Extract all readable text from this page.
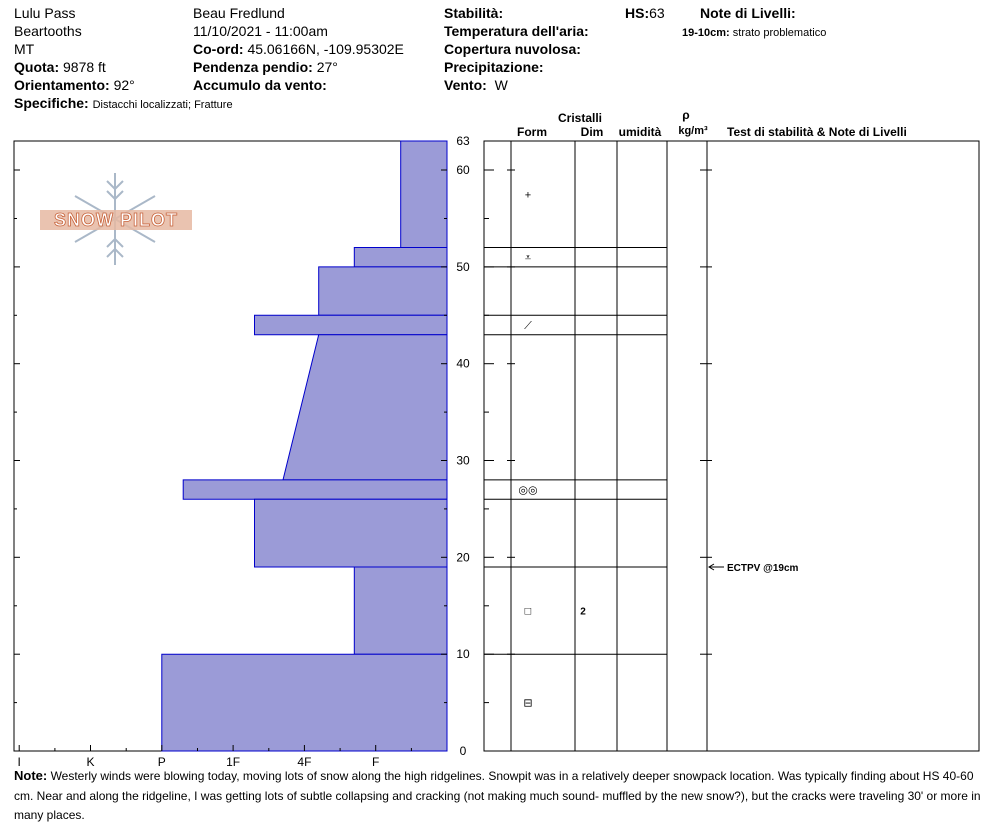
Lulu Pass
Beartooths
MT
Quota: 9878 ft
Orientamento: 92°
Specifiche: Distacchi localizzati; Fratture
Beau Fredlund
11/10/2021 - 11:00am
Co-ord: 45.06166N, -109.95302E
Pendenza pendio: 27°
Accumulo da vento:
Stabilità:
Temperatura dell'aria:
Copertura nuvolosa:
Precipitazione:
Vento: W
HS:63	Note di Livelli:
19-10cm: strato problematico
SNOW PILOT
I	K	P	1F	4F	F
0
10
20
30
40
50
60
63
Cristalli
Form	Dim umidità
ρ
kg/m³ Test di stabilità & Note di Livelli
+
⩡
⟋
◎◎
□	2
⊟
ECTPV @19cm
Note: Westerly winds were blowing today, moving lots of snow along the high ridgelines. Snowpit was in a relatively deeper snowpack location. Was typically finding about HS 40-60 cm. Near and along the ridgeline, I was getting lots of subtle collapsing and cracking (not making much sound- muffled by the new snow?), but the cracks were traveling 30' or more in many places.
